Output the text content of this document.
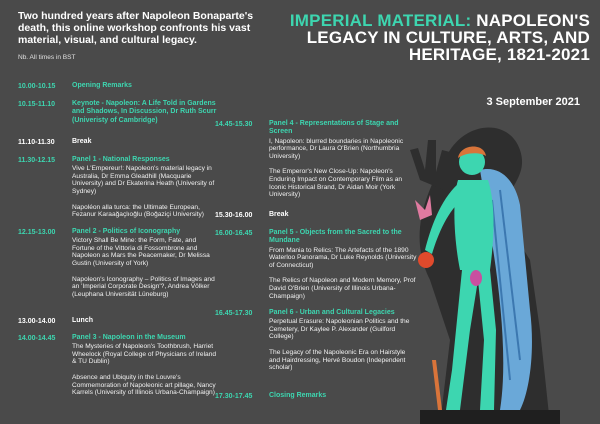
Two hundred years after Napoleon Bonaparte's death, this online workshop confronts his vast material, visual, and cultural legacy.
Nb. All times in BST
IMPERIAL MATERIAL: NAPOLEON'S LEGACY IN CULTURE, ARTS, AND HERITAGE, 1821-2021
3 September 2021
10.00-10.15	Opening Remarks
10.15-11.10	Keynote - Napoleon: A Life Told in Gardens and Shadows, In Discussion, Dr Ruth Scurr (Univeristy of Cambridge)
11.10-11.30	Break
11.30-12.15	Panel 1 - National Responses
Vive L'Empereur!: Napoleon's material legacy in Australia, Dr Emma Gleadhill (Macquarie University) and Dr Ekaterina Heath (University of Sydney)
Napoléon alla turca: the Ultimate European, Fezanur Karaağaçlıoğlu (Boğaziçi University)
12.15-13.00	Panel 2 - Politics of Iconography
Victory Shall Be Mine: the Form, Fate, and Fortune of the Vittoria di Fossombrone and Napoleon as Mars the Peacemaker, Dr Melissa Gustin (University of York)
Napoleon's Iconography – Politics of Images and an 'Imperial Corporate Design'?, Andrea Völker (Leuphana Universität Lüneburg)
13.00-14.00	Lunch
14.00-14.45	Panel 3 - Napoleon in the Museum
The Mysteries of Napoleon's Toothbrush, Harriet Wheelock (Royal College of Physicians of Ireland & TU Dublin)
Absence and Ubiquity in the Louvre's Commemoration of Napoleonic art pillage, Nancy Karrels (University of Illinois Urbana-Champaign)
14.45-15.30	Panel 4 - Representations of Stage and Screen
I, Napoleon: blurred boundaries in Napoleonic performance, Dr Laura O'Brien (Northumbria University)
The Emperor's New Close-Up: Napoleon's Enduring Impact on Contemporary Film as an Iconic Historical Brand, Dr Aidan Moir (York University)
15.30-16.00	Break
16.00-16.45	Panel 5 - Objects from the Sacred to the Mundane
From Mania to Relics: The Artefacts of the 1890 Waterloo Panorama, Dr Luke Reynolds (University of Connecticut)
The Relics of Napoleon and Modern Memory, Prof David O'Brien (University of Illinois Urbana-Champaign)
16.45-17.30	Panel 6 - Urban and Cultural Legacies
Perpetual Erasure: Napoleonian Politics and the Cemetery, Dr Kaylee P. Alexander (Guilford College)
The Legacy of the Napoleonic Era on Hairstyle and Hairdressing, Hervé Boudon (Independent scholar)
17.30-17.45	Closing Remarks
